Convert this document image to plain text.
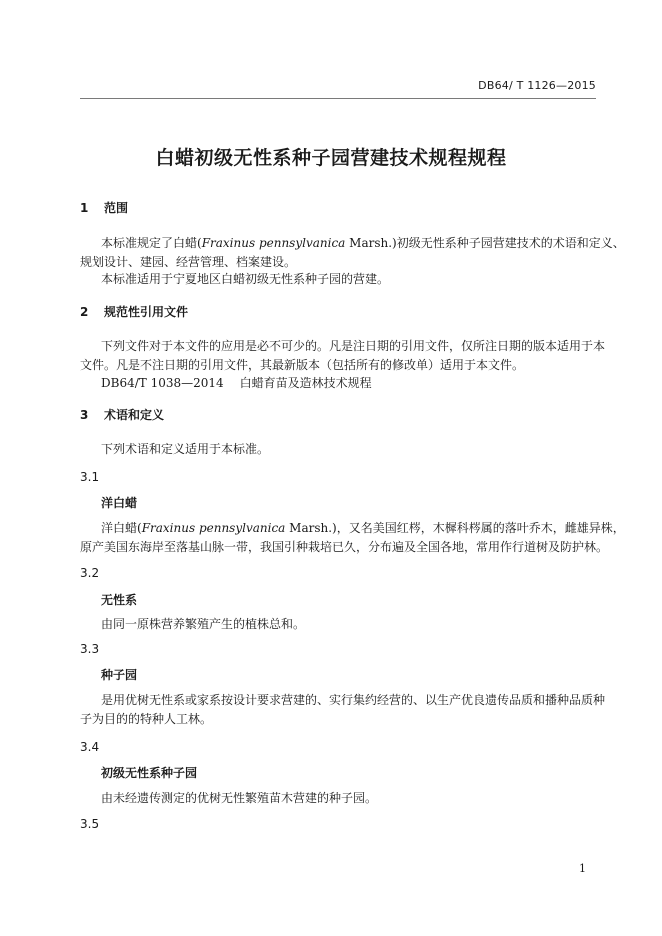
DB64/ T 1126—2015
白蜡初级无性系种子园营建技术规程规程
1 范围
本标准规定了白蜡(Fraxinus pennsylvanica Marsh.)初级无性系种子园营建技术的术语和定义、
规划设计、建园、经营管理、档案建设。
本标准适用于宁夏地区白蜡初级无性系种子园的营建。
2 规范性引用文件
下列文件对于本文件的应用是必不可少的。凡是注日期的引用文件，仅所注日期的版本适用于本
文件。凡是不注日期的引用文件，其最新版本（包括所有的修改单）适用于本文件。
DB64/T 1038—2014 白蜡育苗及造林技术规程
3 术语和定义
下列术语和定义适用于本标准。
3.1
洋白蜡
洋白蜡(Fraxinus pennsylvanica Marsh.)，又名美国红梣，木樨科梣属的落叶乔木，雌雄异株，
原产美国东海岸至落基山脉一带，我国引种栽培已久，分布遍及全国各地，常用作行道树及防护林。
3.2
无性系
由同一原株营养繁殖产生的植株总和。
3.3
种子园
是用优树无性系或家系按设计要求营建的、实行集约经营的、以生产优良遗传品质和播种品质种
子为目的的特种人工林。
3.4
初级无性系种子园
由未经遗传测定的优树无性繁殖苗木营建的种子园。
3.5
1
